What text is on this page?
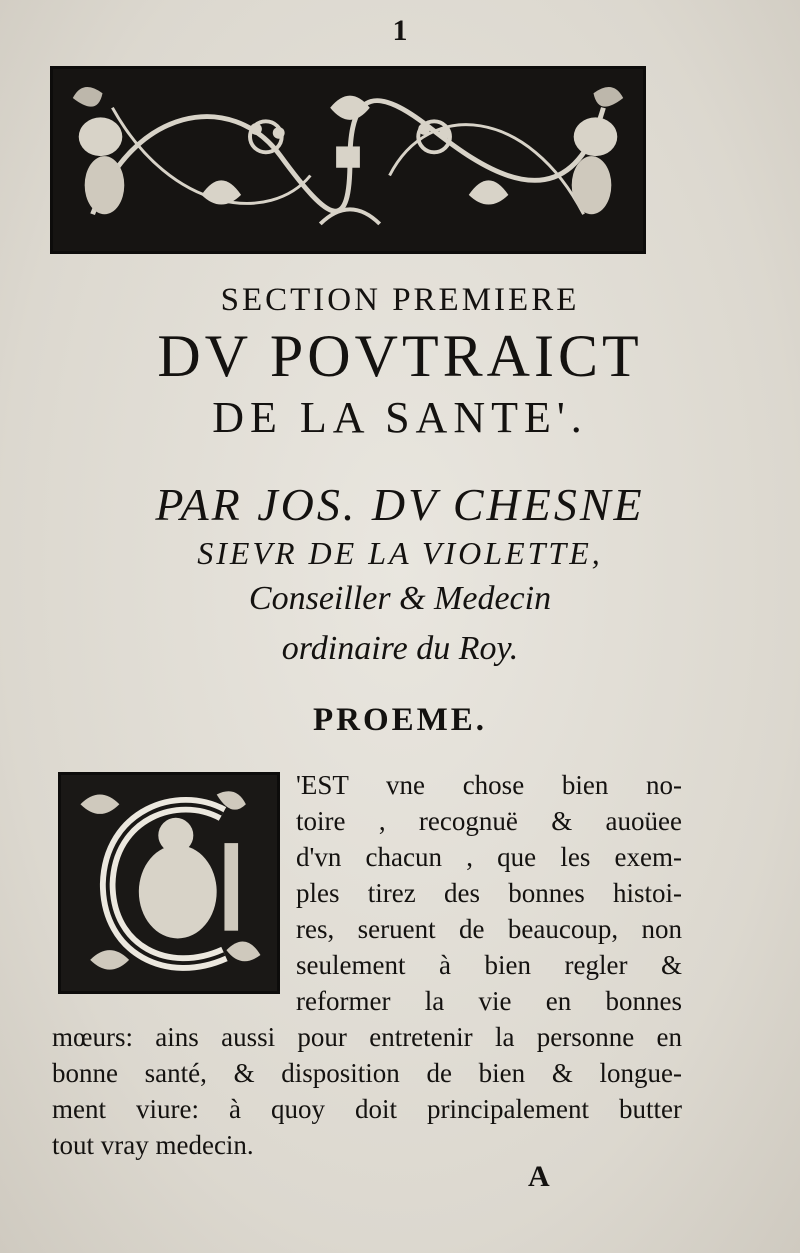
1
SECTION PREMIERE
DV POVTRAICT
DE LA SANTE'.
PAR JOS. DV CHESNE
SIEVR DE LA VIOLETTE,
Conseiller & Medecin
ordinaire du Roy.
PROEME.
'EST vne chose bien no-
toire , recognuë & auoüee
d'vn chacun , que les exem-
ples tirez des bonnes histoi-
res, seruent de beaucoup, non
seulement à bien regler &
reformer la vie en bonnes
mœurs: ains aussi pour entretenir la personne en
bonne santé, & disposition de bien & longue-
ment viure: à quoy doit principalement butter
tout vray medecin.
A
